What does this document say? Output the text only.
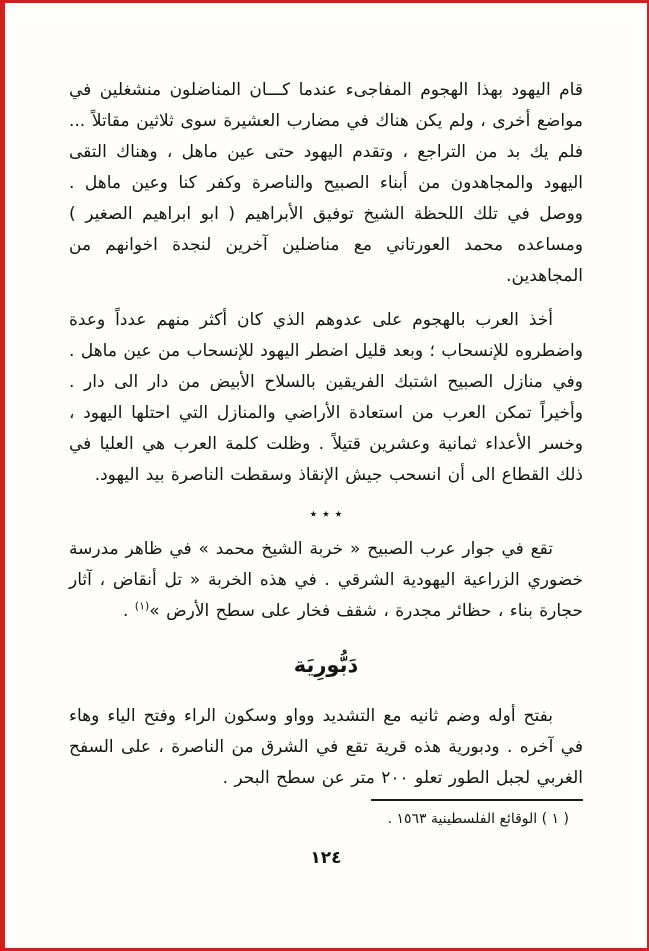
قام اليهود بهذا الهجوم المفاجىء عندما كـــان المناضلون منشغلين في مواضع أخرى ، ولم يكن هناك في مضارب العشيرة سوى ثلاثين مقاتلاً ... فلم يك بد من التراجع ، وتقدم اليهود حتى عين ماهل ، وهناك التقى اليهود والمجاهدون من أبناء الصبيح والناصرة وكفر كنا وعين ماهل . ووصل في تلك اللحظة الشيخ توفيق الأبراهيم ( ابو ابراهيم الصغير ) ومساعده محمد العورتاني مع مناضلين آخرين لنجدة اخوانهم من المجاهدين.

أخذ العرب بالهجوم على عدوهم الذي كان أكثر منهم عدداً وعدة واضطروه للإنسحاب ؛ وبعد قليل اضطر اليهود للإنسحاب من عين ماهل . وفي منازل الصبيح اشتبك الفريقين بالسلاح الأبيض من دار الى دار . وأخيراً تمكن العرب من استعادة الأراضي والمنازل التي احتلها اليهود ، وخسر الأعداء ثمانية وعشرين قتيلاً . وظلت كلمة العرب هي العليا في ذلك القطاع الى أن انسحب جيش الإنقاذ وسقطت الناصرة بيد اليهود.

٭ ٭ ٭

تقع في جوار عرب الصبيح « خربة الشيخ محمد » في ظاهر مدرسة خضوري الزراعية اليهودية الشرقي . في هذه الخربة « تل أنقاض ، آثار حجارة بناء ، حظائر مجدرة ، شقف فخار على سطح الأرض »$^{(١)}$ .

دَبُّورِيَة

بفتح أوله وضم ثانيه مع التشديد وواو وسكون الراء وفتح الياء وهاء في آخره . ودبورية هذه قرية تقع في الشرق من الناصرة ، على السفح الغربي لجبل الطور تعلو ٢٠٠ متر عن سطح البحر .

( ١ ) الوقائع الفلسطينية ١٥٦٣ .
١٢٤
